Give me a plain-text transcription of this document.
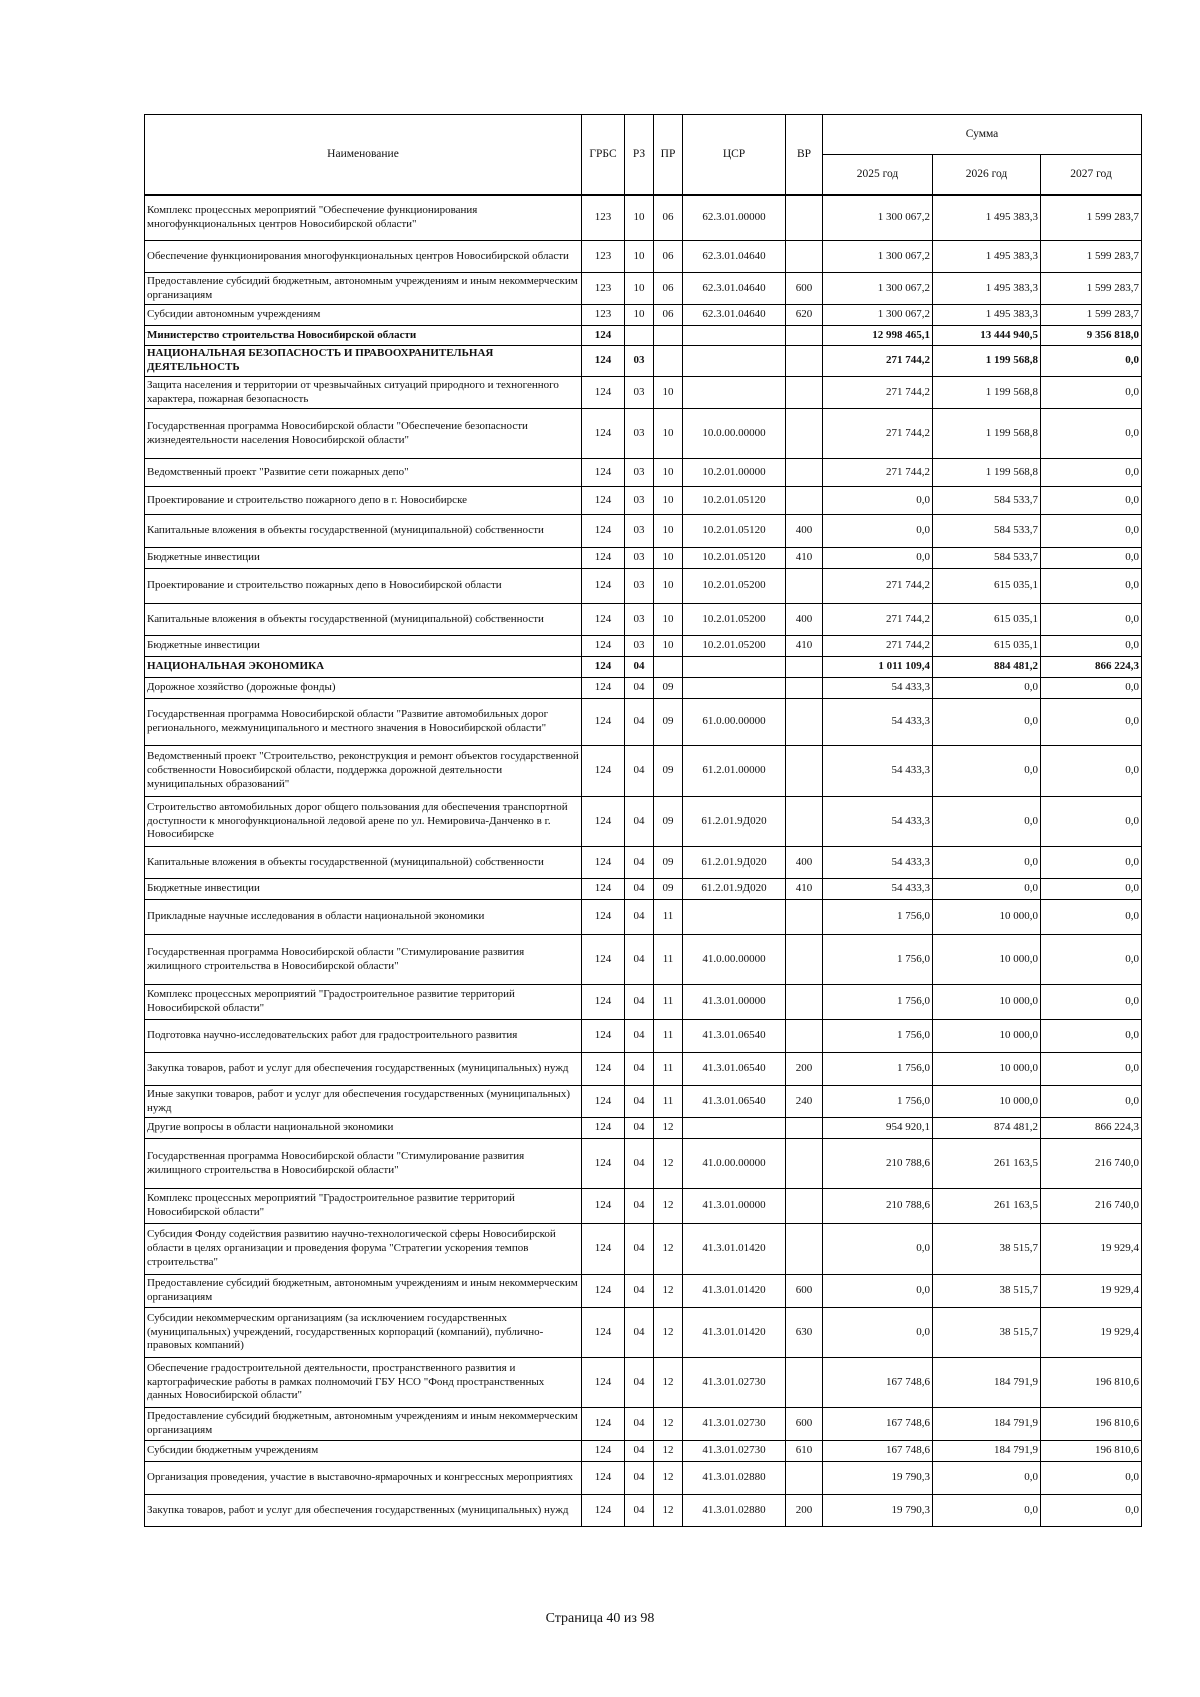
Наименование	ГРБС	РЗ	ПР	ЦСР	ВР	Сумма		
						2025 год	2026 год	2027 год
Комплекс процессных мероприятий "Обеспечение функционирования многофункциональных центров Новосибирской области"	123	10	06	62.3.01.00000		1 300 067,2	1 495 383,3	1 599 283,7
Обеспечение функционирования многофункциональных центров Новосибирской области	123	10	06	62.3.01.04640		1 300 067,2	1 495 383,3	1 599 283,7
Предоставление субсидий бюджетным, автономным учреждениям и иным некоммерческим организациям	123	10	06	62.3.01.04640	600	1 300 067,2	1 495 383,3	1 599 283,7
Субсидии автономным учреждениям	123	10	06	62.3.01.04640	620	1 300 067,2	1 495 383,3	1 599 283,7
Министерство строительства Новосибирской области	124					12 998 465,1	13 444 940,5	9 356 818,0
НАЦИОНАЛЬНАЯ БЕЗОПАСНОСТЬ И ПРАВООХРАНИТЕЛЬНАЯ ДЕЯТЕЛЬНОСТЬ	124	03				271 744,2	1 199 568,8	0,0
Защита населения и территории от чрезвычайных ситуаций природного и техногенного характера, пожарная безопасность	124	03	10			271 744,2	1 199 568,8	0,0
Государственная программа Новосибирской области "Обеспечение безопасности жизнедеятельности населения Новосибирской области"	124	03	10	10.0.00.00000		271 744,2	1 199 568,8	0,0
Ведомственный проект "Развитие сети пожарных депо"	124	03	10	10.2.01.00000		271 744,2	1 199 568,8	0,0
Проектирование и строительство пожарного депо в г. Новосибирске	124	03	10	10.2.01.05120		0,0	584 533,7	0,0
Капитальные вложения в объекты государственной (муниципальной) собственности	124	03	10	10.2.01.05120	400	0,0	584 533,7	0,0
Бюджетные инвестиции	124	03	10	10.2.01.05120	410	0,0	584 533,7	0,0
Проектирование и строительство пожарных депо в Новосибирской области	124	03	10	10.2.01.05200		271 744,2	615 035,1	0,0
Капитальные вложения в объекты государственной (муниципальной) собственности	124	03	10	10.2.01.05200	400	271 744,2	615 035,1	0,0
Бюджетные инвестиции	124	03	10	10.2.01.05200	410	271 744,2	615 035,1	0,0
НАЦИОНАЛЬНАЯ ЭКОНОМИКА	124	04				1 011 109,4	884 481,2	866 224,3
Дорожное хозяйство (дорожные фонды)	124	04	09			54 433,3	0,0	0,0
Государственная программа Новосибирской области "Развитие автомобильных дорог регионального, межмуниципального и местного значения в Новосибирской области"	124	04	09	61.0.00.00000		54 433,3	0,0	0,0
Ведомственный проект "Строительство, реконструкция и ремонт объектов государственной собственности Новосибирской области, поддержка дорожной деятельности муниципальных образований"	124	04	09	61.2.01.00000		54 433,3	0,0	0,0
Строительство автомобильных дорог общего пользования для обеспечения транспортной доступности к многофункциональной ледовой арене по ул. Немировича-Данченко в г. Новосибирске	124	04	09	61.2.01.9Д020		54 433,3	0,0	0,0
Капитальные вложения в объекты государственной (муниципальной) собственности	124	04	09	61.2.01.9Д020	400	54 433,3	0,0	0,0
Бюджетные инвестиции	124	04	09	61.2.01.9Д020	410	54 433,3	0,0	0,0
Прикладные научные исследования в области национальной экономики	124	04	11			1 756,0	10 000,0	0,0
Государственная программа Новосибирской области "Стимулирование развития жилищного строительства в Новосибирской области"	124	04	11	41.0.00.00000		1 756,0	10 000,0	0,0
Комплекс процессных мероприятий "Градостроительное развитие территорий Новосибирской области"	124	04	11	41.3.01.00000		1 756,0	10 000,0	0,0
Подготовка научно-исследовательских работ для градостроительного развития	124	04	11	41.3.01.06540		1 756,0	10 000,0	0,0
Закупка товаров, работ и услуг для обеспечения государственных (муниципальных) нужд	124	04	11	41.3.01.06540	200	1 756,0	10 000,0	0,0
Иные закупки товаров, работ и услуг для обеспечения государственных (муниципальных) нужд	124	04	11	41.3.01.06540	240	1 756,0	10 000,0	0,0
Другие вопросы в области национальной экономики	124	04	12			954 920,1	874 481,2	866 224,3
Государственная программа Новосибирской области "Стимулирование развития жилищного строительства в Новосибирской области"	124	04	12	41.0.00.00000		210 788,6	261 163,5	216 740,0
Комплекс процессных мероприятий "Градостроительное развитие территорий Новосибирской области"	124	04	12	41.3.01.00000		210 788,6	261 163,5	216 740,0
Субсидия Фонду содействия развитию научно-технологической сферы Новосибирской области в целях организации и проведения форума "Стратегии ускорения темпов строительства"	124	04	12	41.3.01.01420		0,0	38 515,7	19 929,4
Предоставление субсидий бюджетным, автономным учреждениям и иным некоммерческим организациям	124	04	12	41.3.01.01420	600	0,0	38 515,7	19 929,4
Субсидии некоммерческим организациям (за исключением государственных (муниципальных) учреждений, государственных корпораций (компаний), публично-правовых компаний)	124	04	12	41.3.01.01420	630	0,0	38 515,7	19 929,4
Обеспечение градостроительной деятельности, пространственного развития и картографические работы в рамках полномочий ГБУ НСО "Фонд пространственных данных Новосибирской области"	124	04	12	41.3.01.02730		167 748,6	184 791,9	196 810,6
Предоставление субсидий бюджетным, автономным учреждениям и иным некоммерческим организациям	124	04	12	41.3.01.02730	600	167 748,6	184 791,9	196 810,6
Субсидии бюджетным учреждениям	124	04	12	41.3.01.02730	610	167 748,6	184 791,9	196 810,6
Организация проведения, участие в выставочно-ярмарочных и конгрессных мероприятиях	124	04	12	41.3.01.02880		19 790,3	0,0	0,0
Закупка товаров, работ и услуг для обеспечения государственных (муниципальных) нужд	124	04	12	41.3.01.02880	200	19 790,3	0,0	0,0
Страница 40 из 98
